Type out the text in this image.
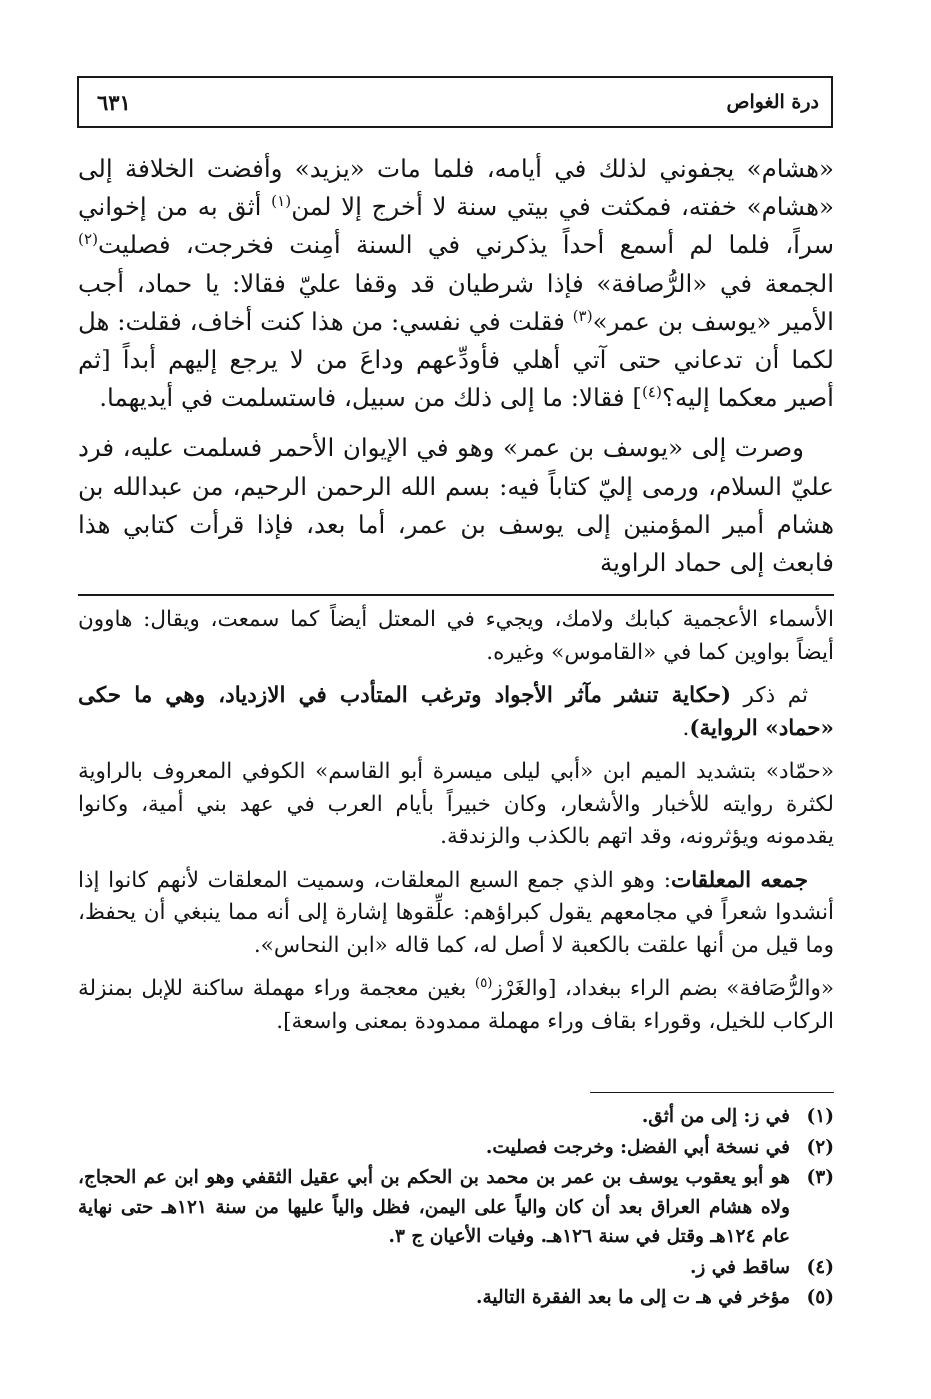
درة الغواص
٦٣١

«هشام» يجفوني لذلك في أيامه، فلما مات «يزيد» وأفضت الخلافة إلى «هشام» خفته، فمكثت في بيتي سنة لا أخرج إلا لمن$^{(١)}$ أثق به من إخواني سراً، فلما لم أسمع أحداً يذكرني في السنة أمِنت فخرجت، فصليت$^{(٢)}$ الجمعة في «الرُّصافة» فإذا شرطيان قد وقفا عليّ فقالا: يا حماد، أجب الأمير «يوسف بن عمر»$^{(٣)}$ فقلت في نفسي: من هذا كنت أخاف، فقلت: هل لكما أن تدعاني حتى آتي أهلي فأودِّعهم وداعَ من لا يرجع إليهم أبداً [ثم أصير معكما إليه؟$^{(٤)}$] فقالا: ما إلى ذلك من سبيل، فاستسلمت في أيديهما.

وصرت إلى «يوسف بن عمر» وهو في الإيوان الأحمر فسلمت عليه، فرد عليّ السلام، ورمى إليّ كتاباً فيه: بسم الله الرحمن الرحيم، من عبدالله بن هشام أمير المؤمنين إلى يوسف بن عمر، أما بعد، فإذا قرأت كتابي هذا فابعث إلى حماد الراوية

الأسماء الأعجمية كبابك ولامك، ويجيء في المعتل أيضاً كما سمعت، ويقال: هاوون أيضاً بواوين كما في «القاموس» وغيره.

ثم ذكر (حكاية تنشر مآثر الأجواد وترغب المتأدب في الازدياد، وهي ما حكى «حماد» الرواية).

«حمّاد» بتشديد الميم ابن «أبي ليلى ميسرة أبو القاسم» الكوفي المعروف بالراوية لكثرة روايته للأخبار والأشعار، وكان خبيراً بأيام العرب في عهد بني أمية، وكانوا يقدمونه ويؤثرونه، وقد اتهم بالكذب والزندقة.

جمعه المعلقات: وهو الذي جمع السبع المعلقات، وسميت المعلقات لأنهم كانوا إذا أنشدوا شعراً في مجامعهم يقول كبراؤهم: علِّقوها إشارة إلى أنه مما ينبغي أن يحفظ، وما قيل من أنها علقت بالكعبة لا أصل له، كما قاله «ابن النحاس».

«والرُّصَافة» بضم الراء ببغداد، [والغَرْز$^{(٥)}$ بغين معجمة وراء مهملة ساكنة للإبل بمنزلة الركاب للخيل، وقوراء بقاف وراء مهملة ممدودة بمعنى واسعة].

(١)
في ز: إلى من أثق.
(٢)
في نسخة أبي الفضل: وخرجت فصليت.
(٣)
هو أبو يعقوب يوسف بن عمر بن محمد بن الحكم بن أبي عقيل الثقفي وهو ابن عم الحجاج، ولاه هشام العراق بعد أن كان والياً على اليمن، فظل والياً عليها من سنة ١٢١هـ حتى نهاية عام ١٢٤هـ وقتل في سنة ١٢٦هـ. وفيات الأعيان ج ٣.
(٤)
ساقط في ز.
(٥)
مؤخر في هـ ت إلى ما بعد الفقرة التالية.
